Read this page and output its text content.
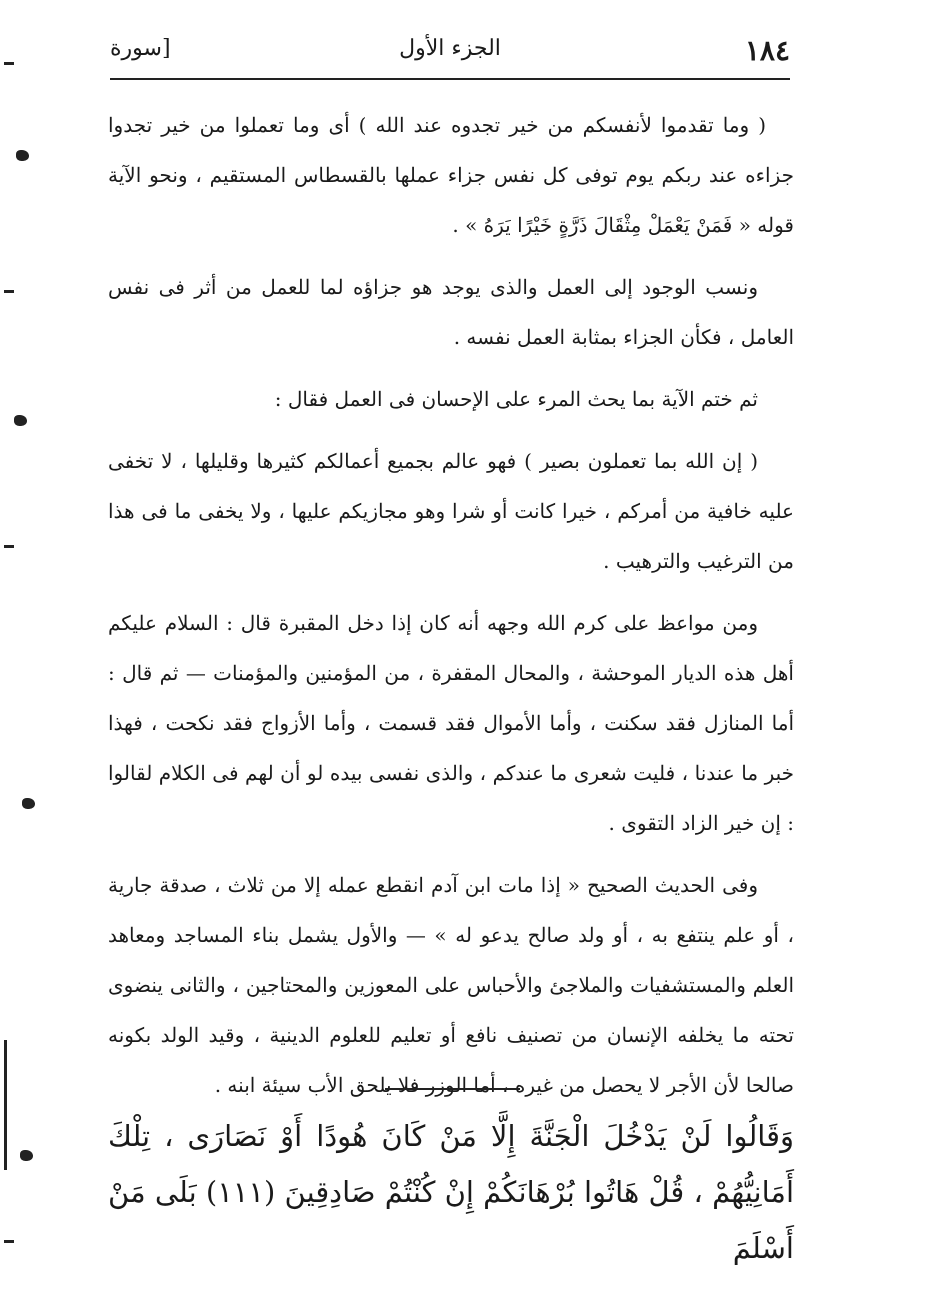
١٨٤
الجزء الأول
[سورة

( وما تقدموا لأنفسكم من خير تجدوه عند الله ) أى وما تعملوا من خير تجدوا جزاءه عند ربكم يوم توفى كل نفس جزاء عملها بالقسطاس المستقيم ، ونحو الآية قوله « فَمَنْ يَعْمَلْ مِثْقَالَ ذَرَّةٍ خَيْرًا يَرَهُ » .

ونسب الوجود إلى العمل والذى يوجد هو جزاؤه لما للعمل من أثر فى نفس العامل ، فكأن الجزاء بمثابة العمل نفسه .

ثم ختم الآية بما يحث المرء على الإحسان فى العمل فقال :

( إن الله بما تعملون بصير ) فهو عالم بجميع أعمالكم كثيرها وقليلها ، لا تخفى عليه خافية من أمركم ، خيرا كانت أو شرا وهو مجازيكم عليها ، ولا يخفى ما فى هذا من الترغيب والترهيب .

ومن مواعظ على كرم الله وجهه أنه كان إذا دخل المقبرة قال : السلام عليكم أهل هذه الديار الموحشة ، والمحال المقفرة ، من المؤمنين والمؤمنات — ثم قال : أما المنازل فقد سكنت ، وأما الأموال فقد قسمت ، وأما الأزواج فقد نكحت ، فهذا خبر ما عندنا ، فليت شعرى ما عندكم ، والذى نفسى بيده لو أن لهم فى الكلام لقالوا : إن خير الزاد التقوى .

وفى الحديث الصحيح « إذا مات ابن آدم انقطع عمله إلا من ثلاث ، صدقة جارية ، أو علم ينتفع به ، أو ولد صالح يدعو له » — والأول يشمل بناء المساجد ومعاهد العلم والمستشفيات والملاجئ والأحباس على المعوزين والمحتاجين ، والثانى ينضوى تحته ما يخلفه الإنسان من تصنيف نافع أو تعليم للعلوم الدينية ، وقيد الولد بكونه صالحا لأن الأجر لا يحصل من غيره ، أما الوزر فلا يلحق الأب سيئة ابنه .

وَقَالُوا لَنْ يَدْخُلَ الْجَنَّةَ إِلَّا مَنْ كَانَ هُودًا أَوْ نَصَارَى ، تِلْكَ أَمَانِيُّهُمْ ، قُلْ هَاتُوا بُرْهَانَكُمْ إِنْ كُنْتُمْ صَادِقِينَ (١١١) بَلَى مَنْ أَسْلَمَ
